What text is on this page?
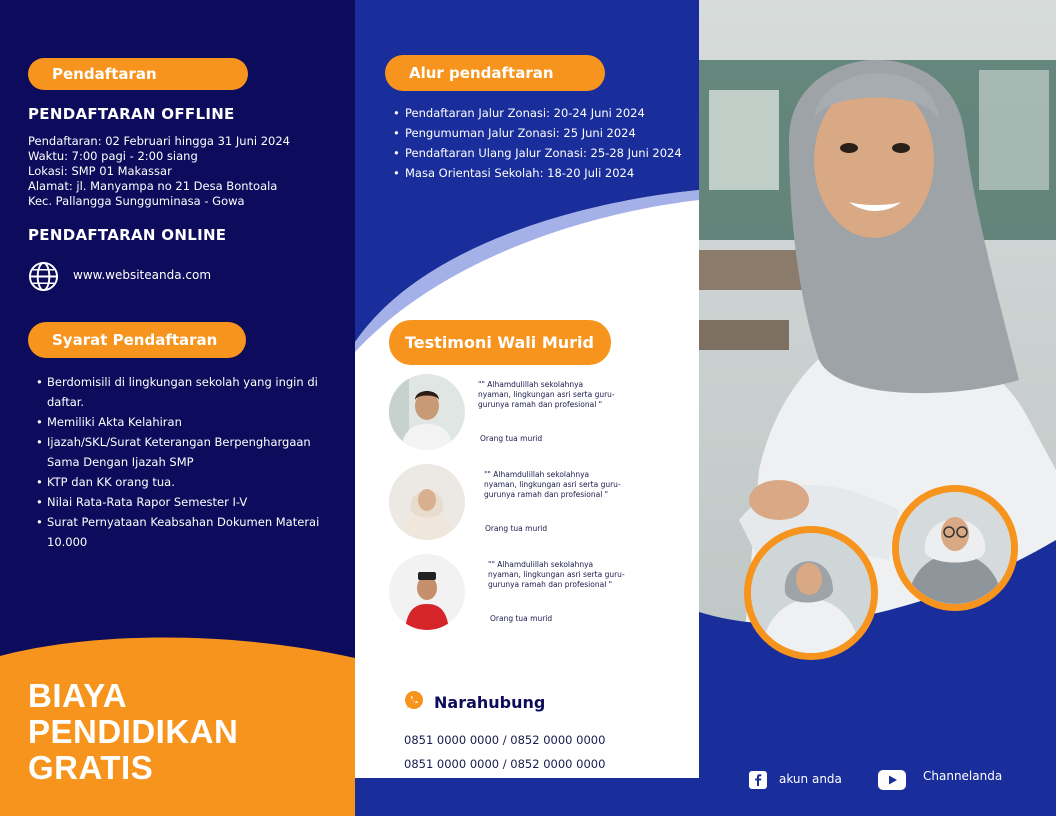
Pendaftaran
PENDAFTARAN OFFLINE
Pendaftaran: 02 Februari hingga 31 Juni 2024
Waktu: 7:00 pagi - 2:00 siang
Lokasi: SMP 01 Makassar
Alamat: jl. Manyampa no 21 Desa Bontoala
Kec. Pallangga Sungguminasa - Gowa
PENDAFTARAN ONLINE
www.websiteanda.com
Syarat Pendaftaran
• Berdomisili di lingkungan sekolah yang ingin di daftar.
• Memiliki Akta Kelahiran
• Ijazah/SKL/Surat Keterangan Berpenghargaan Sama Dengan Ijazah SMP
• KTP dan KK orang tua.
• Nilai Rata-Rata Rapor Semester I-V
• Surat Pernyataan Keabsahan Dokumen Materai 10.000
BIAYA
PENDIDIKAN
GRATIS
Alur pendaftaran
• Pendaftaran Jalur Zonasi: 20-24 Juni 2024
• Pengumuman Jalur Zonasi: 25 Juni 2024
• Pendaftaran Ulang Jalur Zonasi: 25-28 Juni 2024
• Masa Orientasi Sekolah: 18-20 Juli 2024
Testimoni Wali Murid
"" Alhamdulillah sekolahnya nyaman, lingkungan asri serta guru-gurunya ramah dan profesional "
Orang tua murid
"" Alhamdulillah sekolahnya nyaman, lingkungan asri serta guru-gurunya ramah dan profesional "
Orang tua murid
"" Alhamdulillah sekolahnya nyaman, lingkungan asri serta guru-gurunya ramah dan profesional "
Orang tua murid
Narahubung
0851 0000 0000 / 0852 0000 0000
0851 0000 0000 / 0852 0000 0000
akun anda	Channelanda
